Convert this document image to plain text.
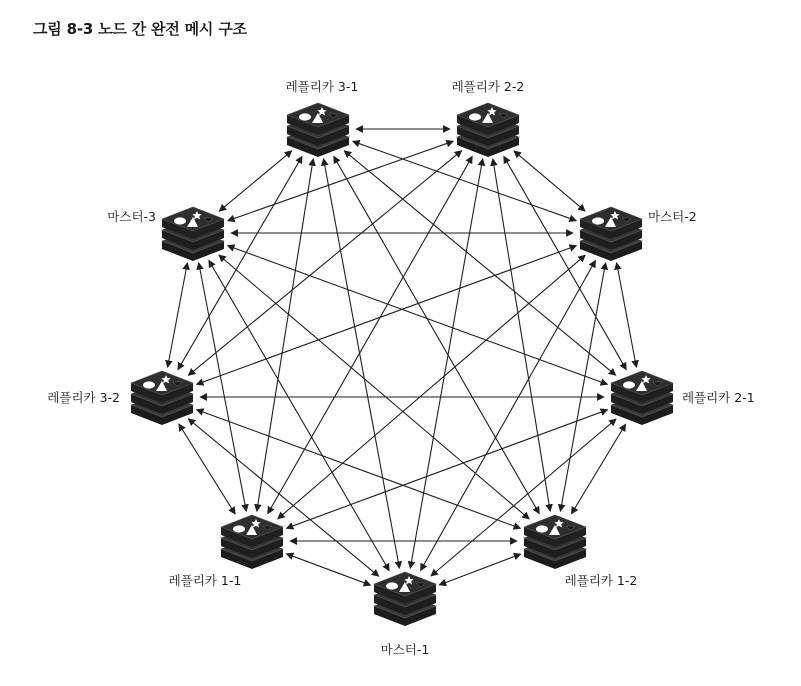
그림 8-3 노드 간 완전 메시 구조
레플리카 3-1	레플리카 2-2
마스터-3	마스터-2
레플리카 3-2	레플리카 2-1
레플리카 1-1	레플리카 1-2
마스터-1
